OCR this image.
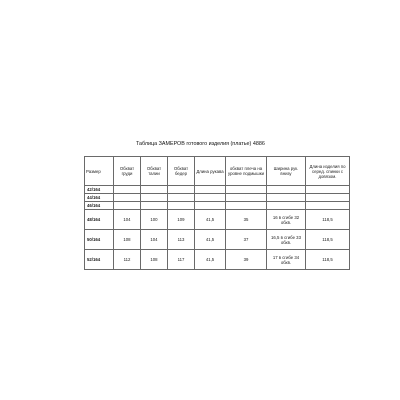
Таблица ЗАМЕРОВ готового изделия (платье) 4886
Размер	Обхват груди	Обхват талии	Обхват бедер	Длина рукава	обхват плеча на уровне подмышки	Ширина рук. внизу	Длина изделия по серед. спинки с довязом.
42/164							
44/164							
46/164							
48/164	104	100	109	41,5	35	16 в сгибе 32 обхв.	118,5
50/164	108	104	113	41,5	37	16,5 в сгибе 33 обхв.	118,5
52/164	112	108	117	41,5	39	17 в сгибе 34 обхв.	118,5
